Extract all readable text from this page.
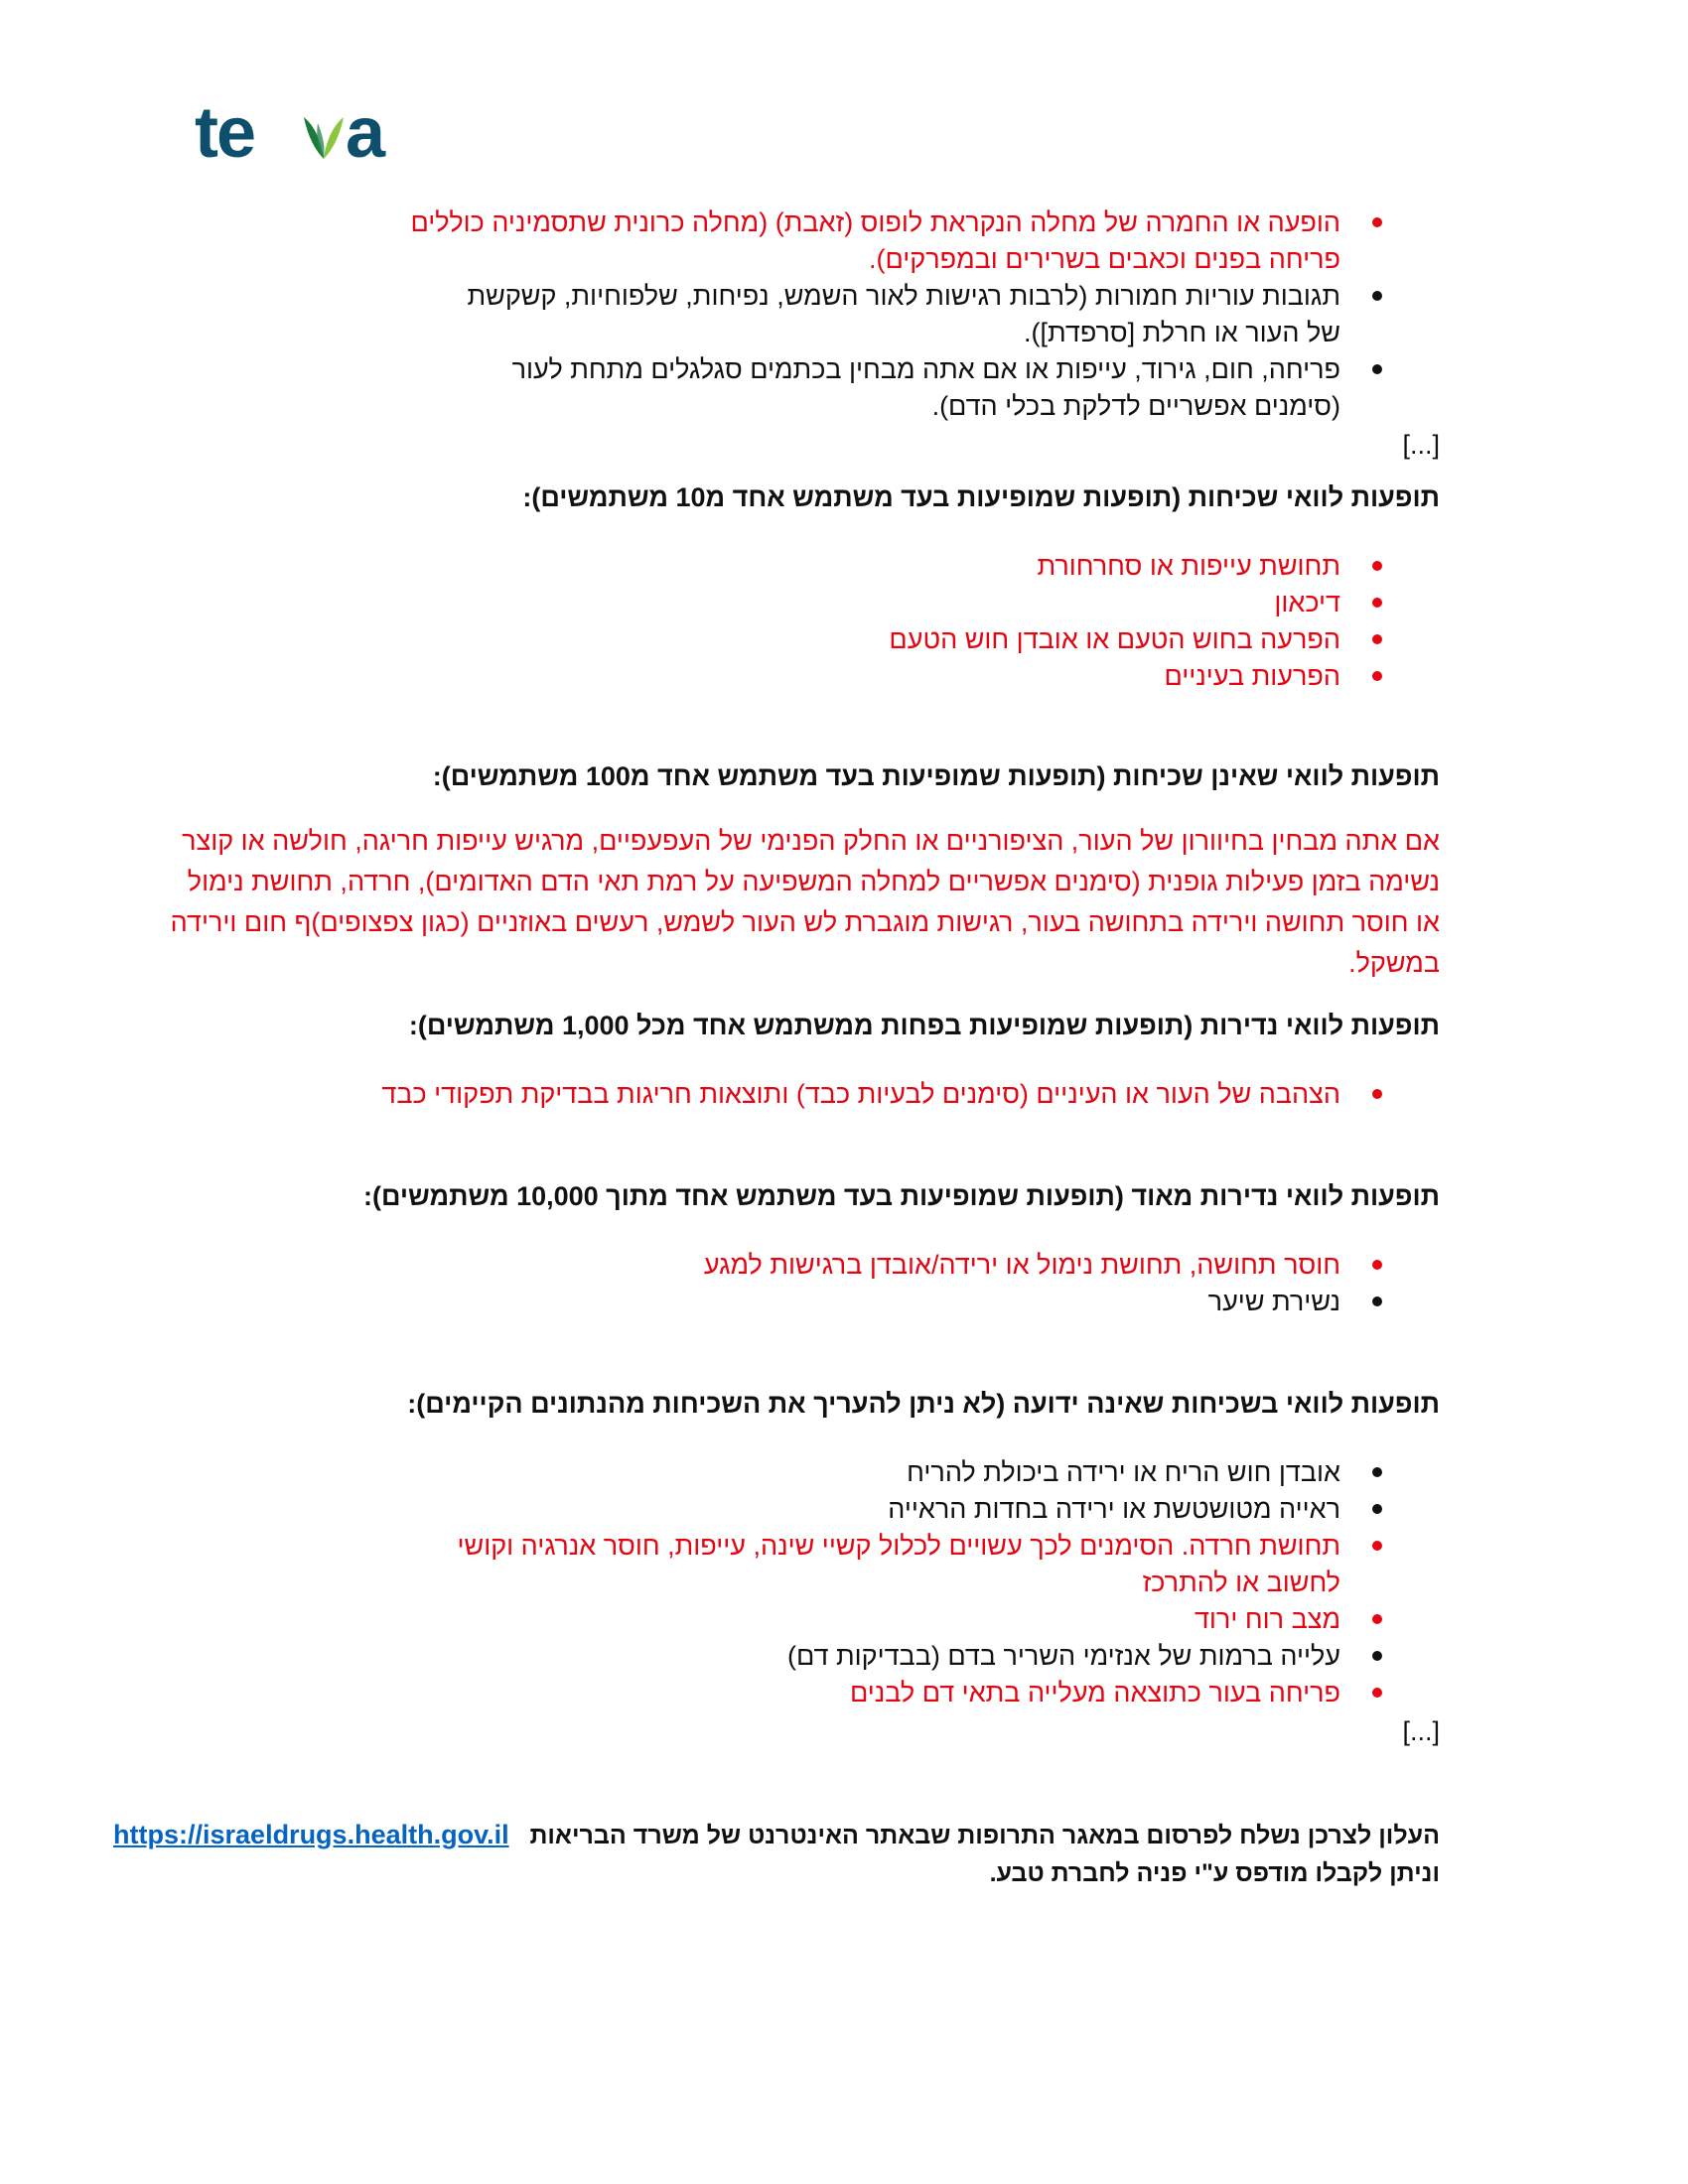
te a
הופעה או החמרה של מחלה הנקראת לופוס (זאבת) (מחלה כרונית שתסמיניה כוללים פריחה בפנים וכאבים בשרירים ובמפרקים).
תגובות עוריות חמורות (לרבות רגישות לאור השמש, נפיחות, שלפוחיות, קשקשת של העור או חרלת [סרפדת]).
פריחה, חום, גירוד, עייפות או אם אתה מבחין בכתמים סגלגלים מתחת לעור (סימנים אפשריים לדלקת בכלי הדם).

[...]

תופעות לוואי שכיחות (תופעות שמופיעות בעד משתמש אחד מ10 משתמשים):

תחושת עייפות או סחרחורת
דיכאון
הפרעה בחוש הטעם או אובדן חוש הטעם
הפרעות בעיניים

תופעות לוואי שאינן שכיחות (תופעות שמופיעות בעד משתמש אחד מ100 משתמשים):

אם אתה מבחין בחיוורון של העור, הציפורניים או החלק הפנימי של העפעפיים, מרגיש עייפות חריגה, חולשה או קוצר נשימה בזמן פעילות גופנית (סימנים אפשריים למחלה המשפיעה על רמת תאי הדם האדומים), חרדה, תחושת נימול או חוסר תחושה וירידה בתחושה בעור, רגישות מוגברת לש העור לשמש, רעשים באוזניים (כגון צפצופים)ף חום וירידה במשקל.

תופעות לוואי נדירות (תופעות שמופיעות בפחות ממשתמש אחד מכל 1,000 משתמשים):

הצהבה של העור או העיניים (סימנים לבעיות כבד) ותוצאות חריגות בבדיקת תפקודי כבד

תופעות לוואי נדירות מאוד (תופעות שמופיעות בעד משתמש אחד מתוך 10,000 משתמשים):

חוסר תחושה, תחושת נימול או ירידה/אובדן ברגישות למגע
נשירת שיער

תופעות לוואי בשכיחות שאינה ידועה (לא ניתן להעריך את השכיחות מהנתונים הקיימים):

אובדן חוש הריח או ירידה ביכולת להריח
ראייה מטושטשת או ירידה בחדות הראייה
תחושת חרדה. הסימנים לכך עשויים לכלול קשיי שינה, עייפות, חוסר אנרגיה וקושי לחשוב או להתרכז
מצב רוח ירוד
עלייה ברמות של אנזימי השריר בדם (בבדיקות דם)
פריחה בעור כתוצאה מעלייה בתאי דם לבנים

[...]

העלון לצרכן נשלח לפרסום במאגר התרופות שבאתר האינטרנט של משרד הבריאות   https://israeldrugs.health.gov.il
וניתן לקבלו מודפס ע"י פניה לחברת טבע.
